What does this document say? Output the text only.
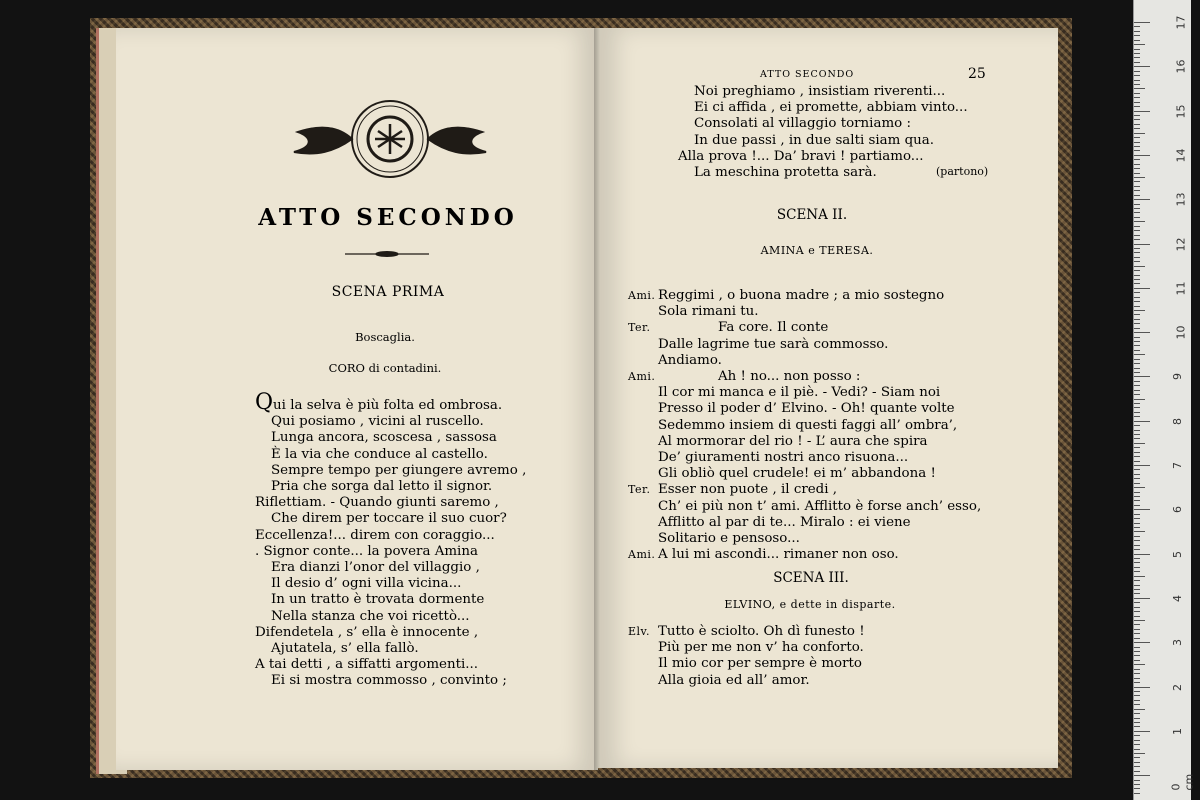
ATTO SECONDO
SCENA PRIMA
Boscaglia.
CORO di contadini.
Qui la selva è più folta ed ombrosa.
Qui posiamo , vicini al ruscello.
Lunga ancora, scoscesa , sassosa
È la via che conduce al castello.
Sempre tempo per giungere avremo ,
Pria che sorga dal letto il signor.
Riflettiam. - Quando giunti saremo ,
Che direm per toccare il suo cuor?
Eccellenza!... direm con coraggio...
. Signor conte... la povera Amina
Era dianzi l’onor del villaggio ,
Il desio d’ ogni villa vicina...
In un tratto è trovata dormente
Nella stanza che voi ricettò...
Difendetela , s’ ella è innocente ,
Ajutatela, s’ ella fallò.
A tai detti , a siffatti argomenti...
Ei si mostra commosso , convinto ;
ATTO SECONDO	25
Noi preghiamo , insistiam riverenti...
Ei ci affida , ei promette, abbiam vinto...
Consolati al villaggio torniamo :
In due passi , in due salti siam qua.
Alla prova !... Da’ bravi ! partiamo...
La meschina protetta sarà.	(partono)
SCENA II.
AMINA e TERESA.
Ami. Reggimi , o buona madre ; a mio sostegno
Sola rimani tu.
Ter.	Fa core. Il conte
Dalle lagrime tue sarà commosso.
Andiamo.
Ami.	Ah ! no... non posso :
Il cor mi manca e il piè. - Vedi? - Siam noi
Presso il poder d’ Elvino. - Oh! quante volte
Sedemmo insiem di questi faggi all’ ombra’,
Al mormorar del rio ! - L’ aura che spira
De’ giuramenti nostri anco risuona...
Gli obliò quel crudele! ei m’ abbandona !
Ter. Esser non puote , il credi ,
Ch’ ei più non t’ ami. Afflitto è forse anch’ esso,
Afflitto al par di te... Miralo : ei viene
Solitario e pensoso...
Ami. A lui mi ascondi... rimaner non oso.
SCENA III.
ELVINO, e dette in disparte.
Elv. Tutto è sciolto. Oh dì funesto !
Più per me non v’ ha conforto.
Il mio cor per sempre è morto
Alla gioia ed all’ amor.
17
16
15
14
13
12
11
10
9
8
7
6
5
4
3
2
1
0 cm
